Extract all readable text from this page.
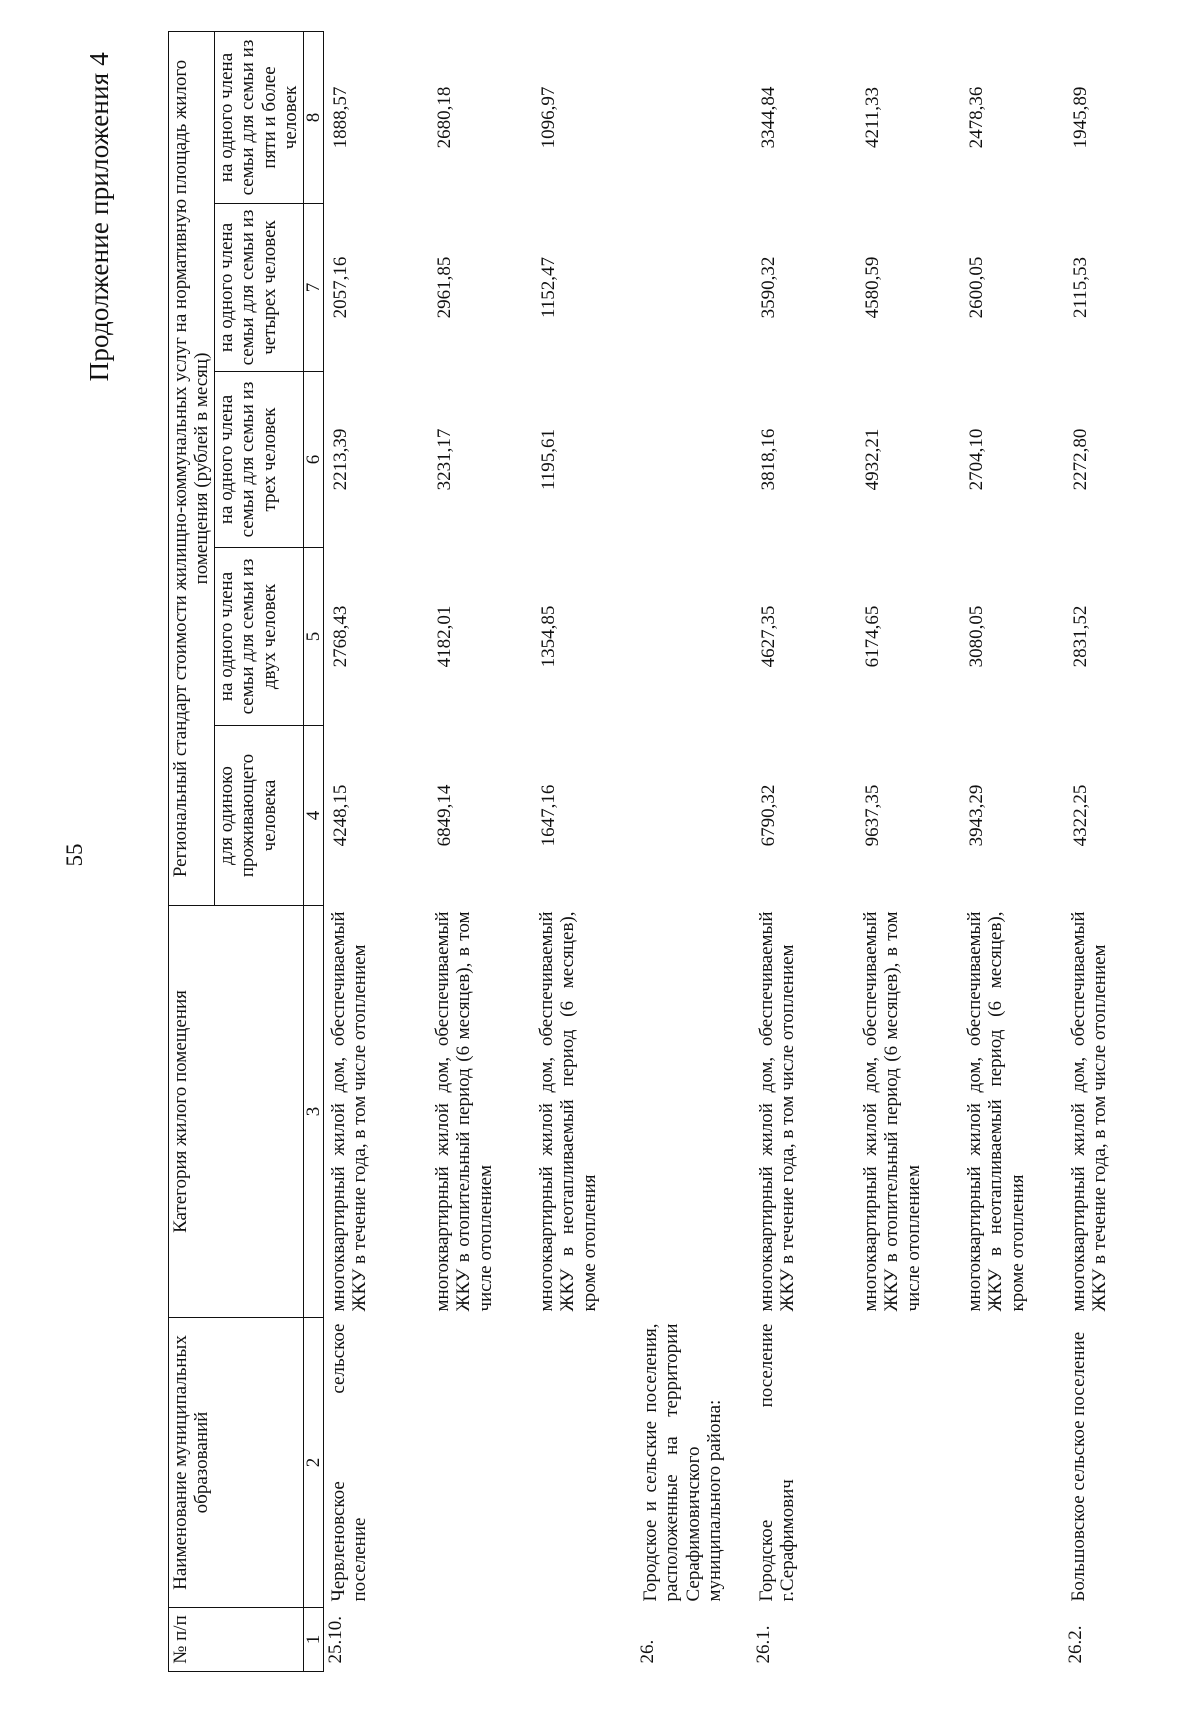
55
Продолжение приложения 4
№ п/п	Наименование муниципальных образований	Категория жилого помещения	Региональный стандарт стоимости жилищно-коммунальных услуг на нормативную площадь жилого помещения (рублей в месяц)				
			для одиноко проживающего человека	на одного члена семьи для семьи из двух человек	на одного члена семьи для семьи из трех человек	на одного члена семьи для семьи из четырех человек	на одного члена семьи для семьи из пяти и более человек
1	2	3	4	5	6	7	8
25.10.	Червленовское сельское поселение	многоквартирный жилой дом, обеспечиваемый ЖКУ в течение года, в том числе отоплением	4248,15	2768,43	2213,39	2057,16	1888,57
		многоквартирный жилой дом, обеспечиваемый ЖКУ в отопительный период (6 месяцев), в том числе отоплением	6849,14	4182,01	3231,17	2961,85	2680,18
		многоквартирный жилой дом, обеспечиваемый ЖКУ в неотапливаемый период (6 месяцев), кроме отопления	1647,16	1354,85	1195,61	1152,47	1096,97
26.	Городское и сельские поселения, расположенные на территории Серафимовичского муниципального района:						
26.1.	Городское поселение г.Серафимович	многоквартирный жилой дом, обеспечиваемый ЖКУ в течение года, в том числе отоплением	6790,32	4627,35	3818,16	3590,32	3344,84
		многоквартирный жилой дом, обеспечиваемый ЖКУ в отопительный период (6 месяцев), в том числе отоплением	9637,35	6174,65	4932,21	4580,59	4211,33
		многоквартирный жилой дом, обеспечиваемый ЖКУ в неотапливаемый период (6 месяцев), кроме отопления	3943,29	3080,05	2704,10	2600,05	2478,36
26.2.	Большовское сельское поселение	многоквартирный жилой дом, обеспечиваемый ЖКУ в течение года, в том числе отоплением	4322,25	2831,52	2272,80	2115,53	1945,89
